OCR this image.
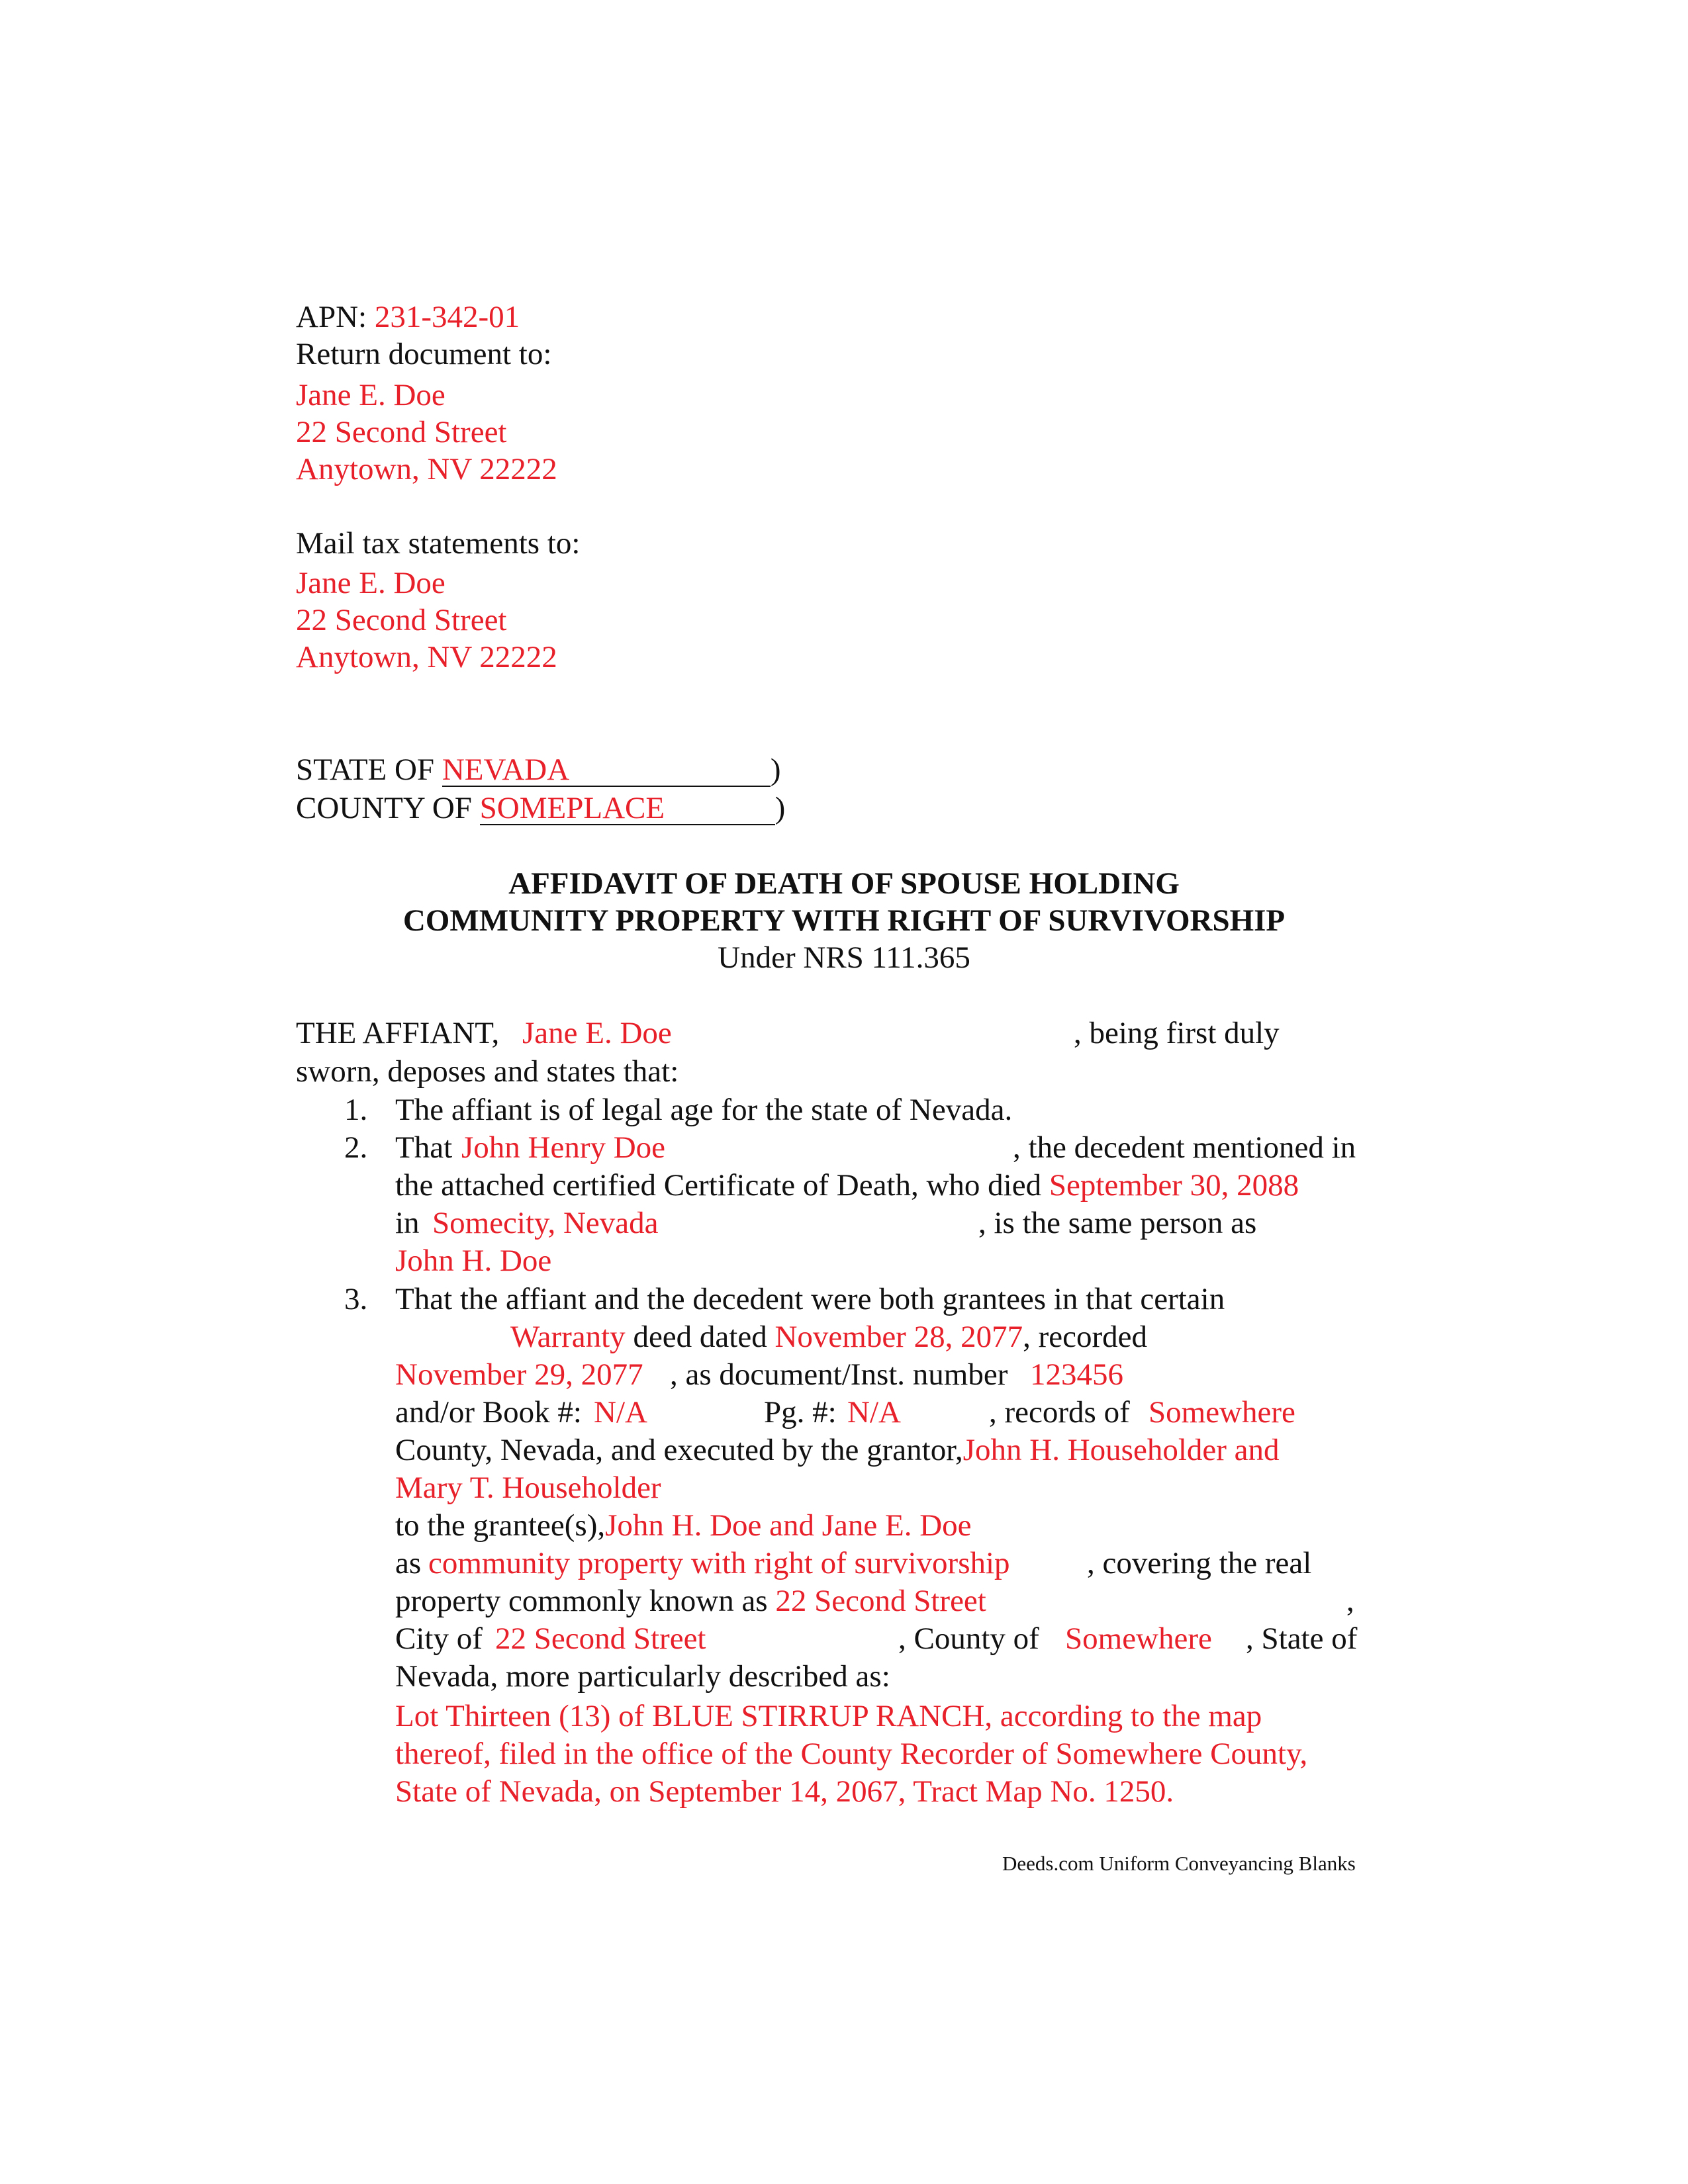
APN: 231-342-01
Return document to:
Jane E. Doe
22 Second Street
Anytown, NV 22222
Mail tax statements to:
Jane E. Doe
22 Second Street
Anytown, NV 22222
STATE OF NEVADA	)
COUNTY OF SOMEPLACE	)
AFFIDAVIT OF DEATH OF SPOUSE HOLDING
COMMUNITY PROPERTY WITH RIGHT OF SURVIVORSHIP
Under NRS 111.365
THE AFFIANT, Jane E. Doe	, being first duly
sworn, deposes and states that:
1. The affiant is of legal age for the state of Nevada.
2. That John Henry Doe	, the decedent mentioned in
the attached certified Certificate of Death, who died September 30, 2088
in Somecity, Nevada	, is the same person as
John H. Doe
3. That the affiant and the decedent were both grantees in that certain
Warranty deed dated November 28, 2077, recorded
November 29, 2077 , as document/Inst. number 123456
and/or Book #: N/A	Pg. #: N/A	, records of Somewhere
County, Nevada, and executed by the grantor,John H. Householder and
Mary T. Householder
to the grantee(s),John H. Doe and Jane E. Doe
as community property with right of survivorship , covering the real
property commonly known as 22 Second Street	,
City of 22 Second Street	, County of Somewhere , State of
Nevada, more particularly described as:
Lot Thirteen (13) of BLUE STIRRUP RANCH, according to the map
thereof, filed in the office of the County Recorder of Somewhere County,
State of Nevada, on September 14, 2067, Tract Map No. 1250.
Deeds.com Uniform Conveyancing Blanks
